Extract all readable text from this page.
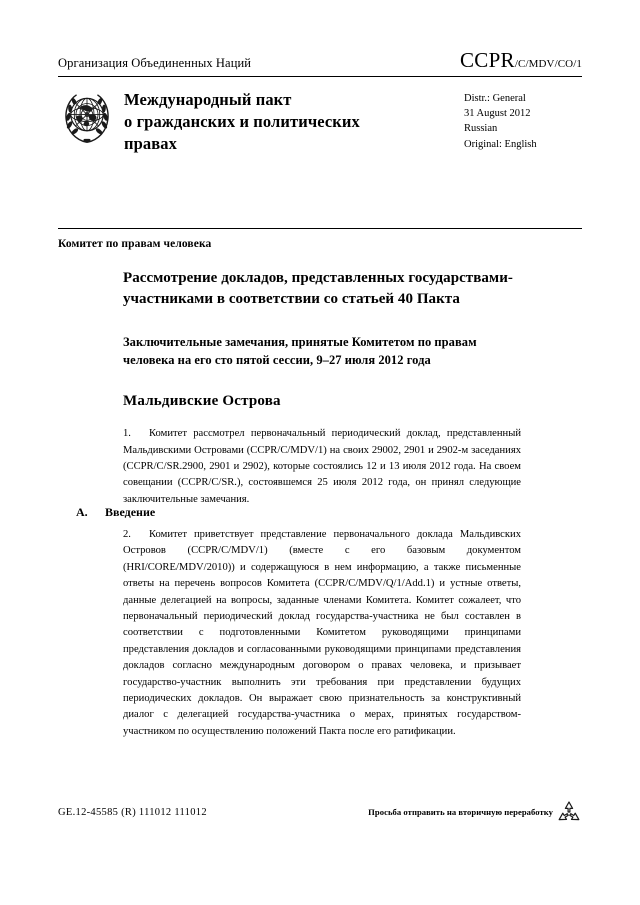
Организация Объединенных Наций	CCPR/C/MDV/CO/1
Международный пакт
о гражданских и политических
правах
Distr.: General
31 August 2012
Russian
Original: English
Комитет по правам человека
Рассмотрение докладов, представленных государствами-участниками в соответствии со статьей 40 Пакта
Заключительные замечания, принятые Комитетом по правам человека на его сто пятой сессии, 9–27 июля 2012 года
Мальдивские Острова

1. Комитет рассмотрел первоначальный периодический доклад, представленный Мальдивскими Островами (CCPR/C/MDV/1) на своих 29002, 2901 и 2902-м заседаниях (CCPR/C/SR.2900, 2901 и 2902), которые состоялись 12 и 13 июля 2012 года. На своем совещании (CCPR/C/SR.), состоявшемся 25 июля 2012 года, он принял следующие заключительные замечания.

A. Введение

2. Комитет приветствует представление первоначального доклада Мальдивских Островов (CCPR/C/MDV/1) (вместе с его базовым документом (HRI/CORE/MDV/2010)) и содержащуюся в нем информацию, а также письменные ответы на перечень вопросов Комитета (CCPR/C/MDV/Q/1/Add.1) и устные ответы, данные делегацией на вопросы, заданные членами Комитета. Комитет сожалеет, что первоначальный периодический доклад государства-участника не был составлен в соответствии с подготовленными Комитетом руководящими принципами представления докладов и согласованными руководящими принципами представления докладов согласно международным договором о правах человека, и призывает государство-участник выполнить эти требования при представлении будущих периодических докладов. Он выражает свою признательность за конструктивный диалог с делегацией государства-участника о мерах, принятых государством-участником по осуществлению положений Пакта после его ратификации.

GE.12-45585 (R) 111012 111012	Просьба отправить на вторичную переработку
